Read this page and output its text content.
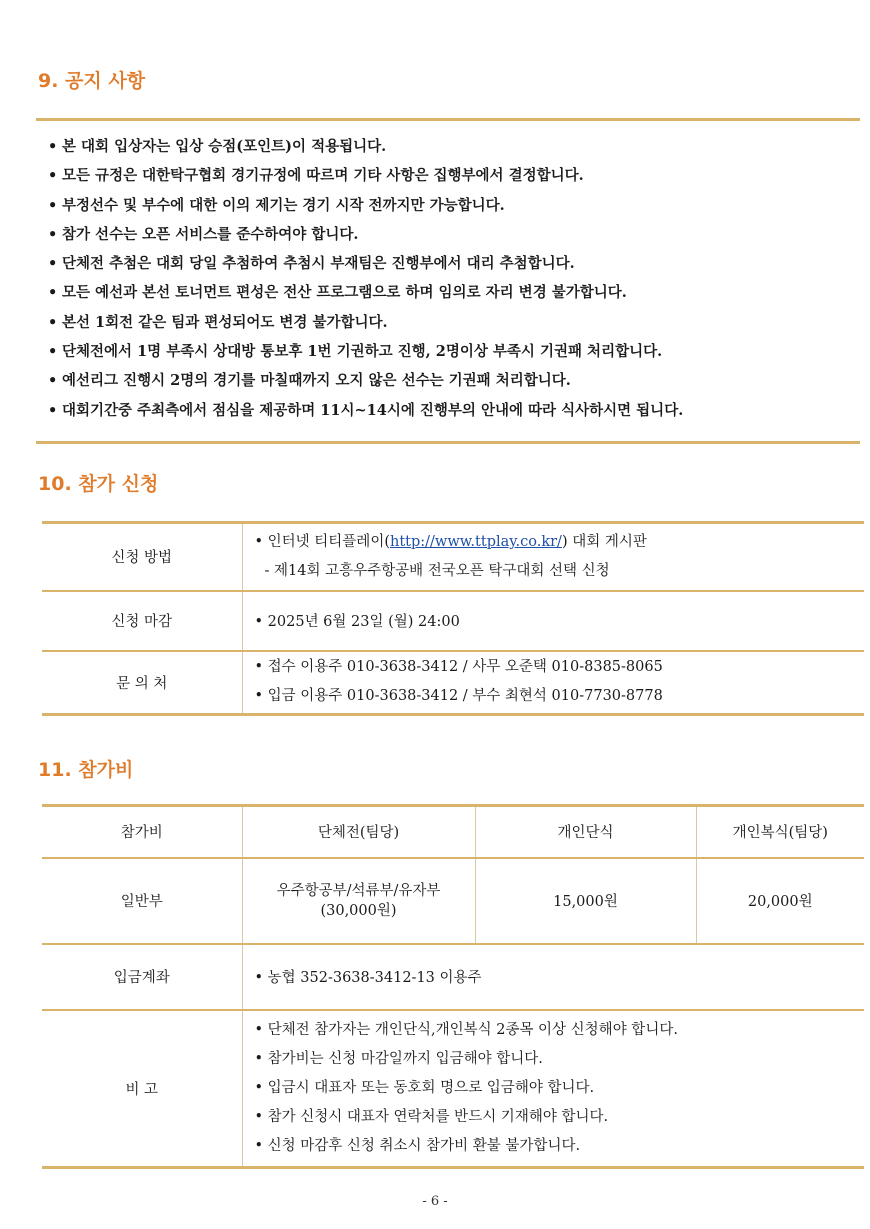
9. 공지 사항
• 본 대회 입상자는 입상 승점(포인트)이 적용됩니다.
• 모든 규정은 대한탁구협회 경기규정에 따르며 기타 사항은 집행부에서 결정합니다.
• 부정선수 및 부수에 대한 이의 제기는 경기 시작 전까지만 가능합니다.
• 참가 선수는 오픈 서비스를 준수하여야 합니다.
• 단체전 추첨은 대회 당일 추첨하여 추첨시 부재팀은 진행부에서 대리 추첨합니다.
• 모든 예선과 본선 토너먼트 편성은 전산 프로그램으로 하며 임의로 자리 변경 불가합니다.
• 본선 1회전 같은 팀과 편성되어도 변경 불가합니다.
• 단체전에서 1명 부족시 상대방 통보후 1번 기권하고 진행, 2명이상 부족시 기권패 처리합니다.
• 예선리그 진행시 2명의 경기를 마칠때까지 오지 않은 선수는 기권패 처리합니다.
• 대회기간중 주최측에서 점심을 제공하며 11시~14시에 진행부의 안내에 따라 식사하시면 됩니다.
10. 참가 신청
신청 방법	• 인터넷 티티플레이(http://www.ttplay.co.kr/) 대회 게시판
- 제14회 고흥우주항공배 전국오픈 탁구대회 선택 신청

신청 마감	• 2025년 6월 23일 (월) 24:00
문 의 처	• 접수 이용주 010-3638-3412 / 사무 오준택 010-8385-8065
• 입금 이용주 010-3638-3412 / 부수 최현석 010-7730-8778
11. 참가비
참가비	단체전(팀당)	개인단식	개인복식(팀당)
일반부	우주항공부/석류부/유자부
(30,000원)	15,000원	20,000원
입금계좌	• 농협 352-3638-3412-13 이용주		
비 고	• 단체전 참가자는 개인단식,개인복식 2종목 이상 신청해야 합니다.
• 참가비는 신청 마감일까지 입금해야 합니다.
• 입금시 대표자 또는 동호회 명으로 입금해야 합니다.
• 참가 신청시 대표자 연락처를 반드시 기재해야 합니다.
• 신청 마감후 신청 취소시 참가비 환불 불가합니다.		
- 6 -
